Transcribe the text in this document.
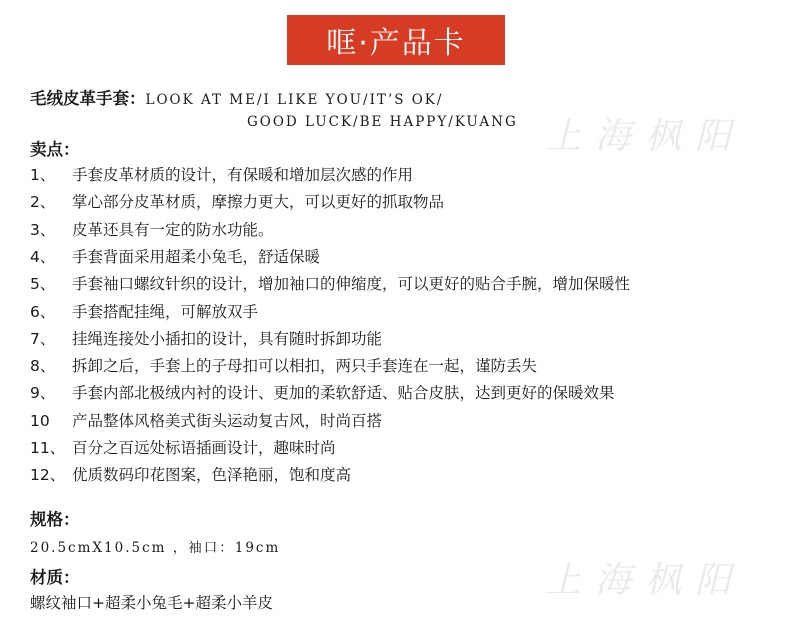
上海枫阳
上海枫阳
哐·产品卡
毛绒皮革手套：LOOK AT ME/I LIKE YOU/IT’S OK/
GOOD LUCK/BE HAPPY/KUANG
卖点：
1、 手套皮革材质的设计，有保暖和增加层次感的作用
2、 掌心部分皮革材质，摩擦力更大，可以更好的抓取物品
3、 皮革还具有一定的防水功能。
4、 手套背面采用超柔小兔毛，舒适保暖
5、 手套袖口螺纹针织的设计，增加袖口的伸缩度，可以更好的贴合手腕，增加保暖性
6、 手套搭配挂绳，可解放双手
7、 挂绳连接处小插扣的设计，具有随时拆卸功能
8、 拆卸之后，手套上的子母扣可以相扣，两只手套连在一起，谨防丢失
9、 手套内部北极绒内衬的设计、更加的柔软舒适、贴合皮肤，达到更好的保暖效果
10 产品整体风格美式街头运动复古风，时尚百搭
11、 百分之百远处标语插画设计，趣味时尚
12、 优质数码印花图案，色泽艳丽，饱和度高
规格：
20.5cmX10.5cm ，袖口：19cm
材质：
螺纹袖口+超柔小兔毛+超柔小羊皮
